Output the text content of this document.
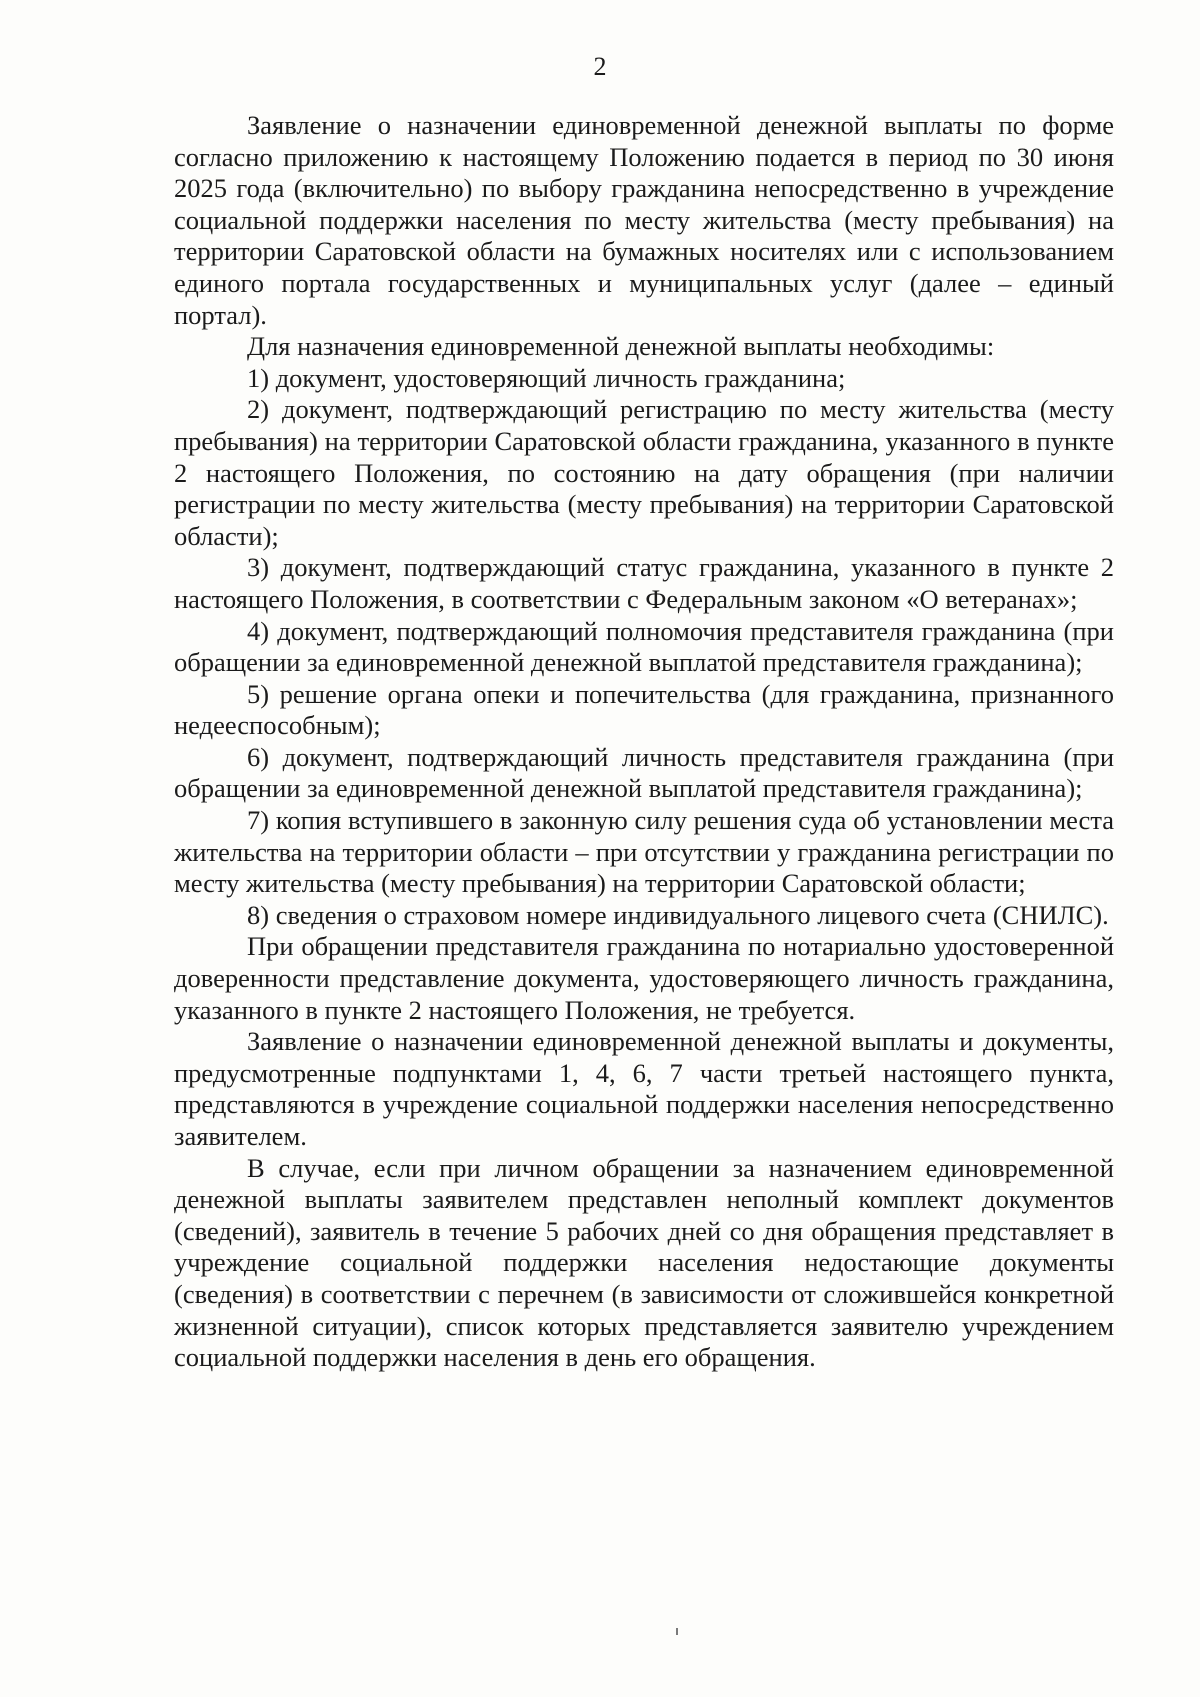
2

Заявление о назначении единовременной денежной выплаты по форме согласно приложению к настоящему Положению подается в период по 30 июня 2025 года (включительно) по выбору гражданина непосредственно в учреждение социальной поддержки населения по месту жительства (месту пребывания) на территории Саратовской области на бумажных носителях или с использованием единого портала государственных и муниципальных услуг (далее – единый портал).

Для назначения единовременной денежной выплаты необходимы:

1) документ, удостоверяющий личность гражданина;

2) документ, подтверждающий регистрацию по месту жительства (месту пребывания) на территории Саратовской области гражданина, указанного в пункте 2 настоящего Положения, по состоянию на дату обращения (при наличии регистрации по месту жительства (месту пребывания) на территории Саратовской области);

3) документ, подтверждающий статус гражданина, указанного в пункте 2 настоящего Положения, в соответствии с Федеральным законом «О ветеранах»;

4) документ, подтверждающий полномочия представителя гражданина (при обращении за единовременной денежной выплатой представителя гражданина);

5) решение органа опеки и попечительства (для гражданина, признанного недееспособным);

6) документ, подтверждающий личность представителя гражданина (при обращении за единовременной денежной выплатой представителя гражданина);

7) копия вступившего в законную силу решения суда об установлении места жительства на территории области – при отсутствии у гражданина регистрации по месту жительства (месту пребывания) на территории Саратовской области;

8) сведения о страховом номере индивидуального лицевого счета (СНИЛС).

При обращении представителя гражданина по нотариально удостоверенной доверенности представление документа, удостоверяющего личность гражданина, указанного в пункте 2 настоящего Положения, не требуется.

Заявление о назначении единовременной денежной выплаты и документы, предусмотренные подпунктами 1, 4, 6, 7 части третьей настоящего пункта, представляются в учреждение социальной поддержки населения непосредственно заявителем.

В случае, если при личном обращении за назначением единовременной денежной выплаты заявителем представлен неполный комплект документов (сведений), заявитель в течение 5 рабочих дней со дня обращения представляет в учреждение социальной поддержки населения недостающие документы (сведения) в соответствии с перечнем (в зависимости от сложившейся конкретной жизненной ситуации), список которых представляется заявителю учреждением социальной поддержки населения в день его обращения.
